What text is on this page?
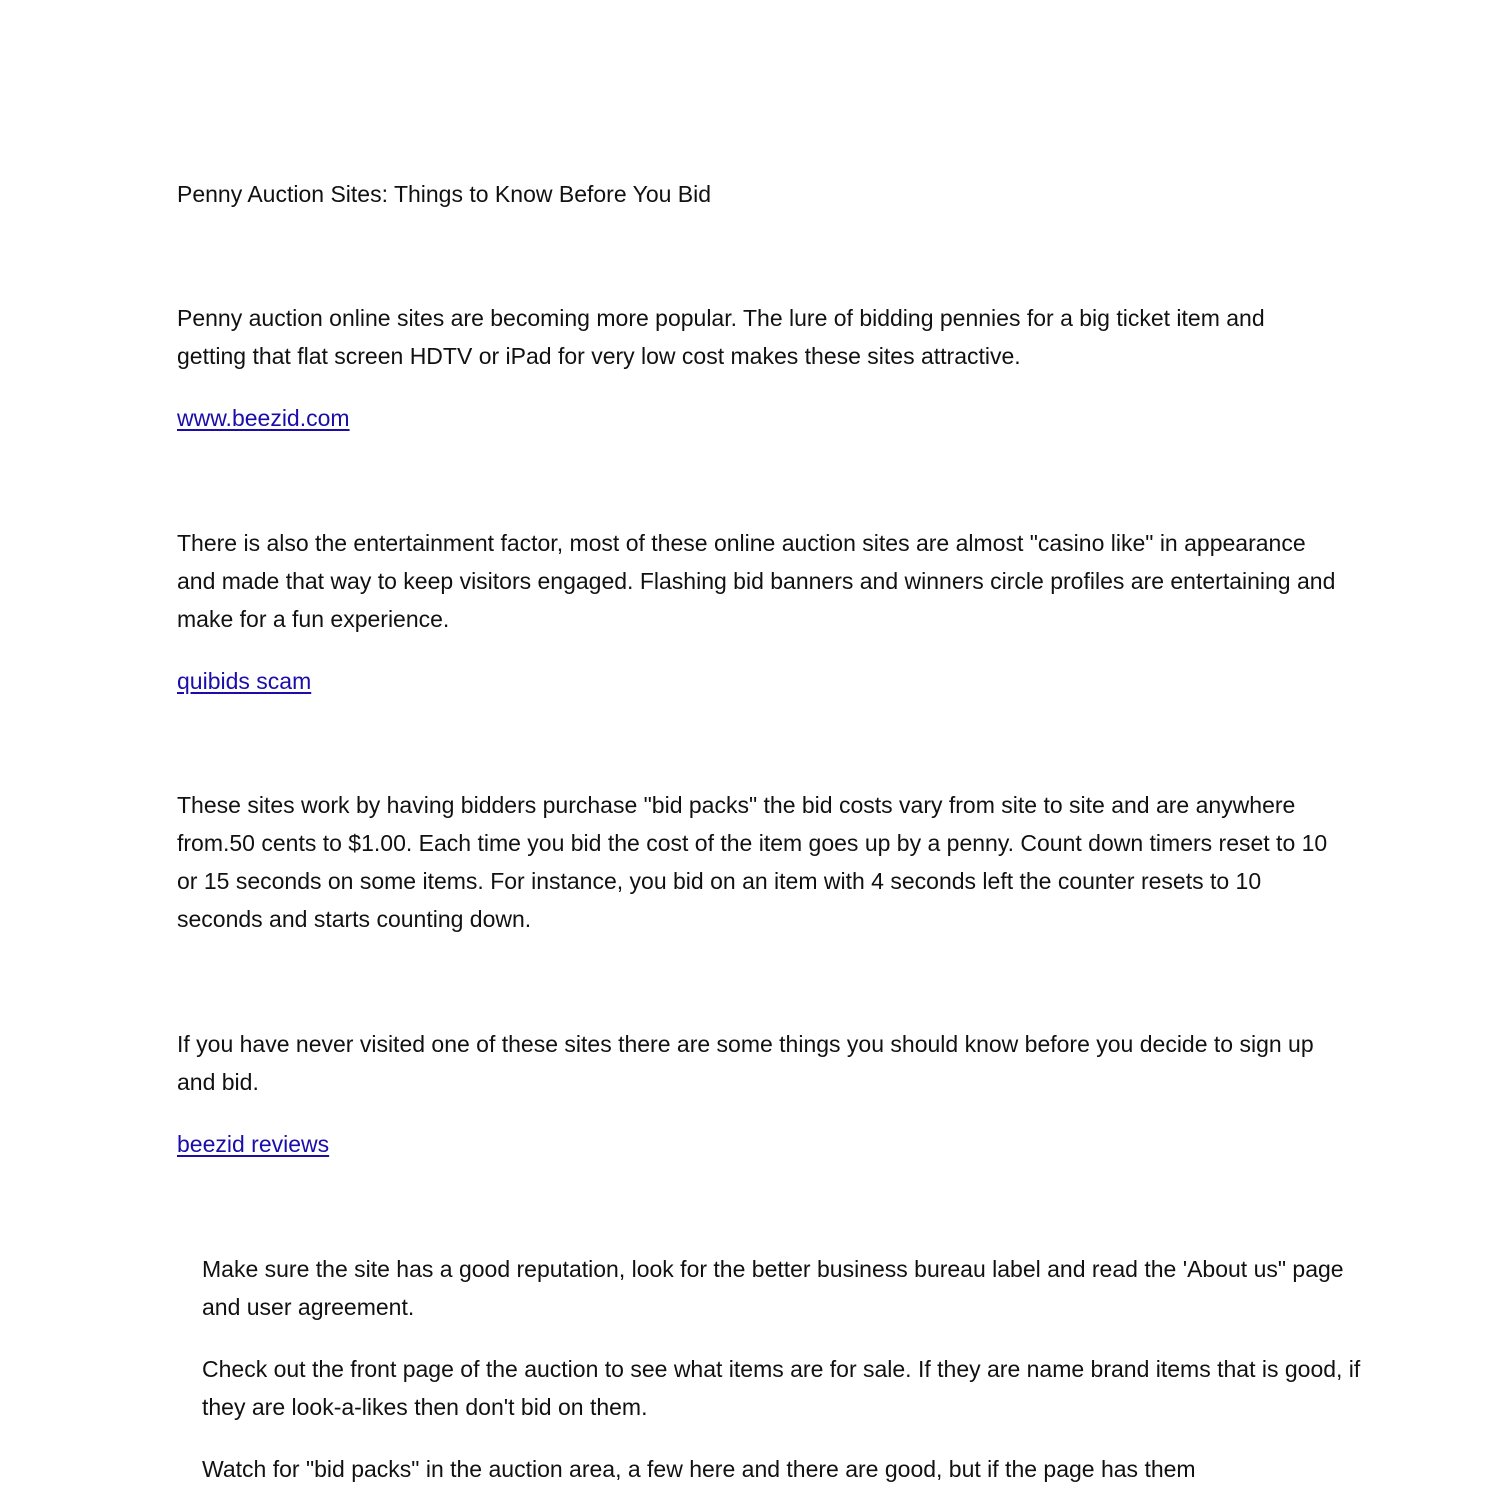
Penny Auction Sites: Things to Know Before You Bid

Penny auction online sites are becoming more popular. The lure of bidding pennies for a big ticket item and getting that flat screen HDTV or iPad for very low cost makes these sites attractive.

www.beezid.com

There is also the entertainment factor, most of these online auction sites are almost "casino like" in appearance and made that way to keep visitors engaged. Flashing bid banners and winners circle profiles are entertaining and make for a fun experience.

quibids scam

These sites work by having bidders purchase "bid packs" the bid costs vary from site to site and are anywhere from.50 cents to $1.00. Each time you bid the cost of the item goes up by a penny. Count down timers reset to 10 or 15 seconds on some items. For instance, you bid on an item with 4 seconds left the counter resets to 10 seconds and starts counting down.

If you have never visited one of these sites there are some things you should know before you decide to sign up and bid.

beezid reviews

Make sure the site has a good reputation, look for the better business bureau label and read the 'About us" page and user agreement.

Check out the front page of the auction to see what items are for sale. If they are name brand items that is good, if they are look-a-likes then don't bid on them.

Watch for "bid packs" in the auction area, a few here and there are good, but if the page has them
